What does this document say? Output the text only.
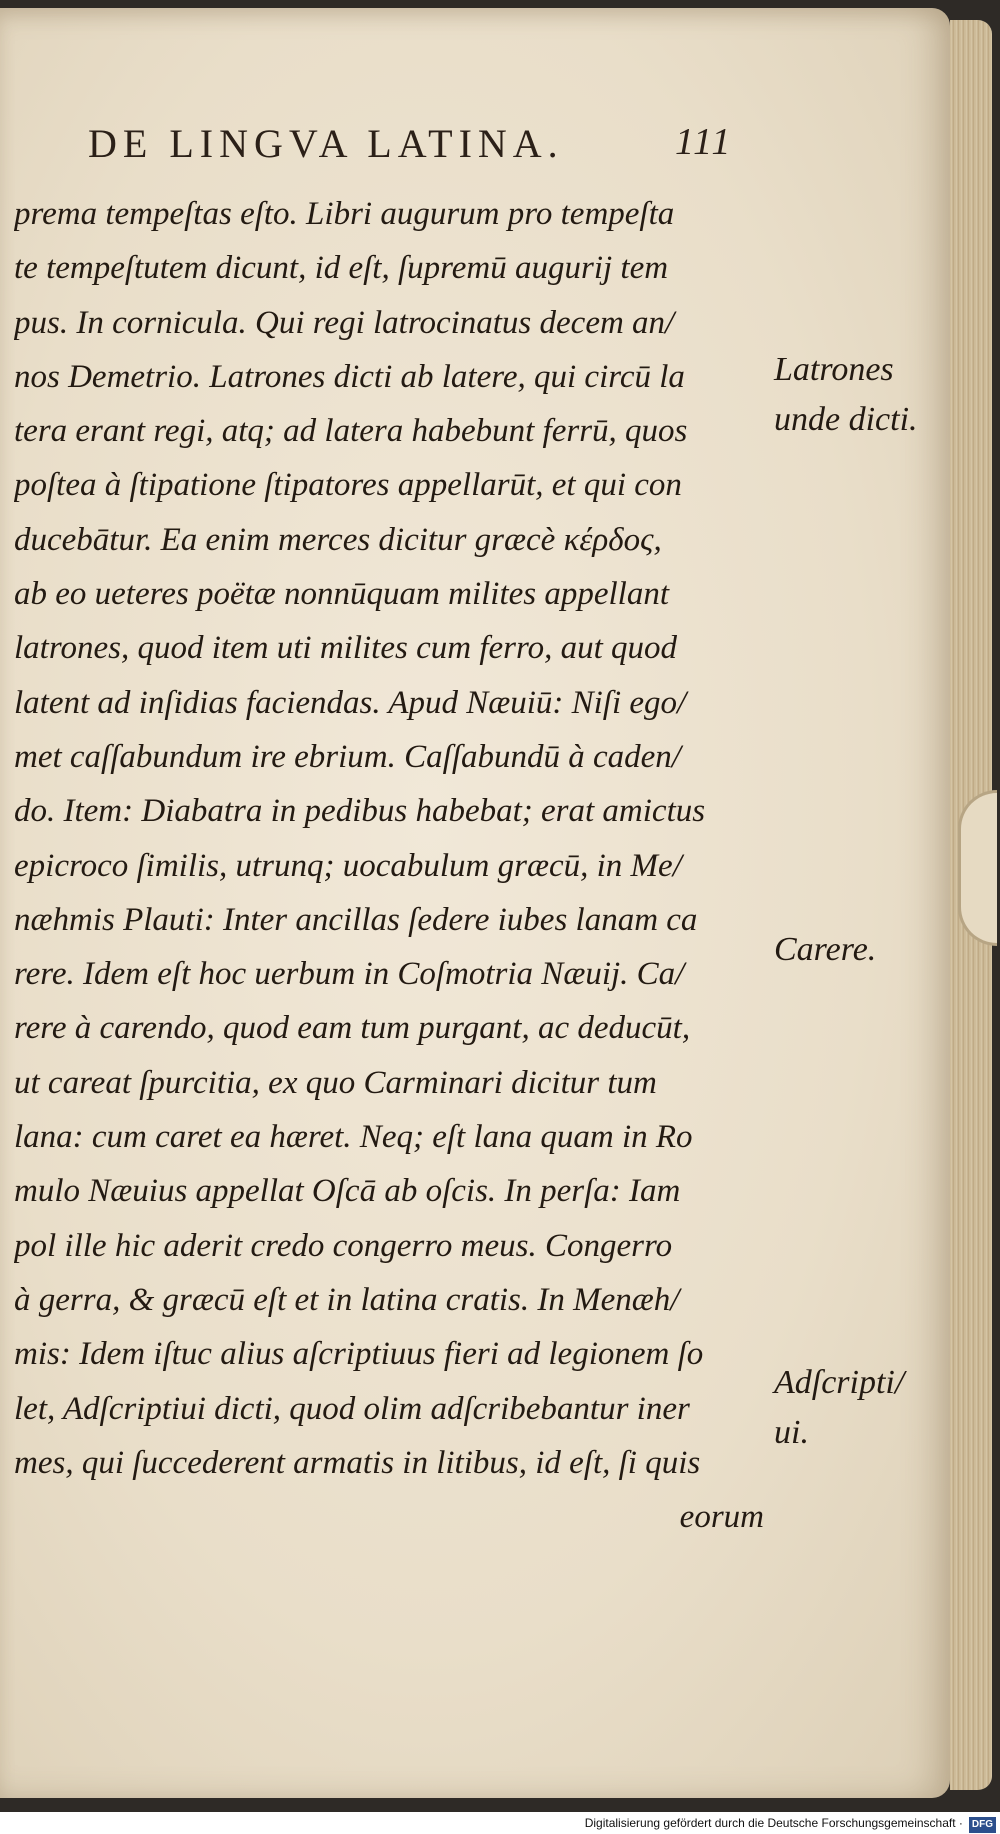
DE LINGVA LATINA.	111
prema tempeſtas eſto. Libri augurum pro tempeſta
te tempeſtutem dicunt, id eſt, ſupremū augurij tem
pus. In cornicula. Qui regi latrocinatus decem an/
nos Demetrio. Latrones dicti ab latere, qui circū la
tera erant regi, atq; ad latera habebunt ferrū, quos
poſtea à ſtipatione ſtipatores appellarūt, et qui con
ducebātur. Ea enim merces dicitur græcè κέρδος,
ab eo ueteres poëtæ nonnūquam milites appellant
latrones, quod item uti milites cum ferro, aut quod
latent ad inſidias faciendas. Apud Næuiū: Niſi ego/
met caſſabundum ire ebrium. Caſſabundū à caden/
do. Item: Diabatra in pedibus habebat; erat amictus
epicroco ſimilis, utrunq; uocabulum græcū, in Me/
næhmis Plauti: Inter ancillas ſedere iubes lanam ca
rere. Idem eſt hoc uerbum in Coſmotria Næuij. Ca/
rere à carendo, quod eam tum purgant, ac deducūt,
ut careat ſpurcitia, ex quo Carminari dicitur tum
lana: cum caret ea hæret. Neq; eſt lana quam in Ro
mulo Næuius appellat Oſcā ab oſcis. In perſa: Iam
pol ille hic aderit credo congerro meus. Congerro
à gerra, & græcū eſt et in latina cratis. In Menæh/
mis: Idem iſtuc alius aſcriptiuus fieri ad legionem ſo
let, Adſcriptiui dicti, quod olim adſcribebantur iner
mes, qui ſuccederent armatis in litibus, id eſt, ſi quis
eorum
Latrones
unde dicti.
Carere.
Adſcripti/
ui.
Digitalisierung gefördert durch die Deutsche Forschungsgemeinschaft · DFG
